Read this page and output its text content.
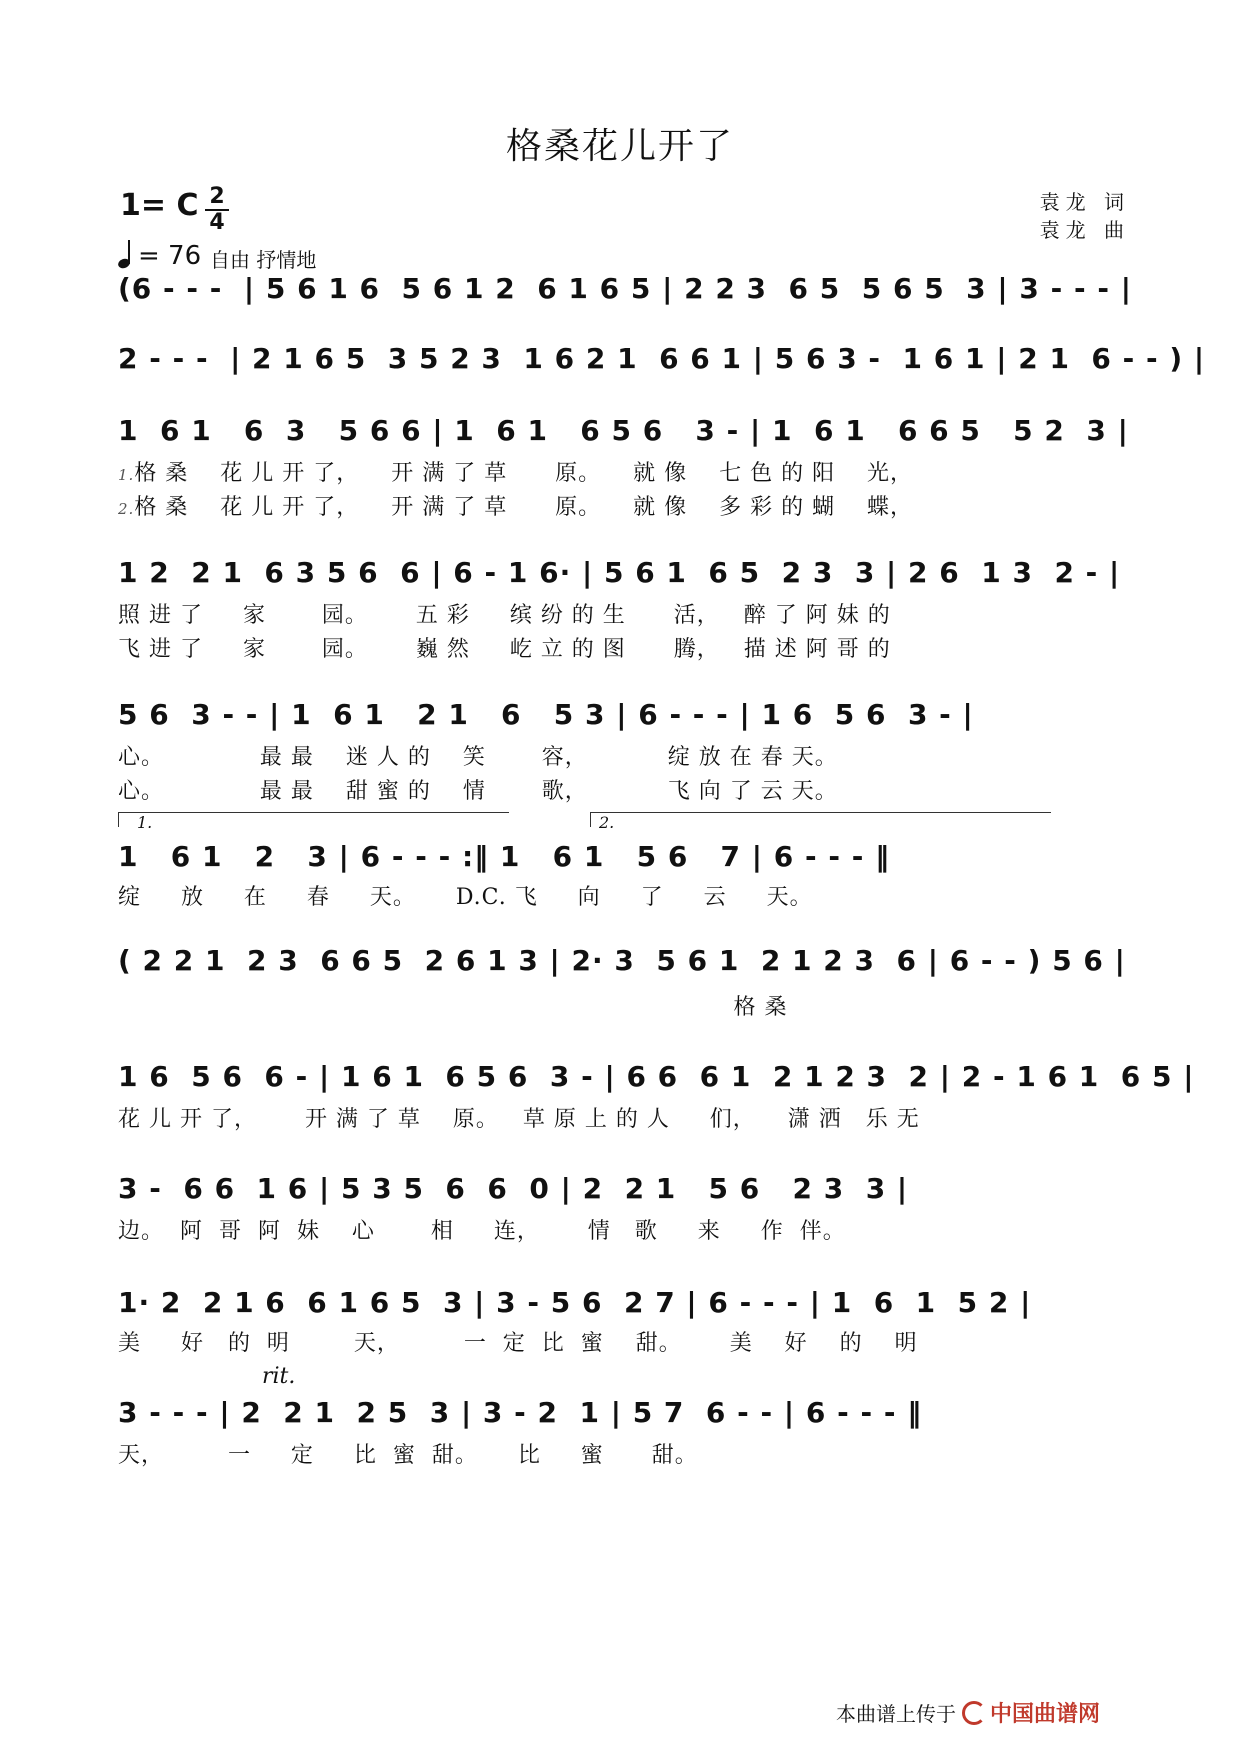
格桑花儿开了
1= C 2
4
= 76 自由 抒情地
袁龙 词
袁龙 曲
(6 - - -  | 5 6 1 6  5 6 1 2  6 1 6 5 | 2 2 3  6 5  5 6 5  3 | 3 - - - |
2 - - -  | 2 1 6 5  3 5 2 3  1 6 2 1  6 6 1 | 5 6 3 -  1 6 1 | 2 1  6 - - ) |
1  6 1   6  3   5 6 6 | 1  6 1   6 5 6   3 - | 1  6 1   6 6 5   5 2  3 |
1.格 桑    花 儿 开 了，    开 满 了 草      原。    就 像    七 色 的 阳    光，
2.格 桑    花 儿 开 了，    开 满 了 草      原。    就 像    多 彩 的 蝴    蝶，
1 2  2 1  6 3 5 6  6 | 6 - 1 6· | 5 6 1  6 5  2 3  3 | 2 6  1 3  2 - |
照 进 了     家       园。      五 彩     缤 纷 的 生      活，   醉 了 阿 妹 的
飞 进 了     家       园。      巍 然     屹 立 的 图      腾，   描 述 阿 哥 的
5 6  3 - - | 1  6 1   2 1   6   5 3 | 6 - - - | 1 6  5 6  3 - |
心。            最 最    迷 人 的    笑       容，          绽 放 在 春 天。
心。            最 最    甜 蜜 的    情       歌，          飞 向 了 云 天。
1.	2.
1   6 1   2   3 | 6 - - - :‖ 1   6 1   5 6   7 | 6 - - - ‖
绽     放     在     春     天。     D.C. 飞     向     了     云     天。
( 2 2 1  2 3  6 6 5  2 6 1 3 | 2· 3  5 6 1  2 1 2 3  6 | 6 - - ) 5 6 |
格 桑
1 6  5 6  6 - | 1 6 1  6 5 6  3 - | 6 6  6 1  2 1 2 3  2 | 2 - 1 6 1  6 5 |
花 儿 开 了，      开 满 了 草    原。   草 原 上 的 人     们，    潇 洒   乐 无
3 -  6 6  1 6 | 5 3 5  6  6  0 | 2  2 1   5 6   2 3  3 |
边。  阿  哥  阿  妹    心       相     连，      情   歌     来     作  伴。
1· 2  2 1 6  6 1 6 5  3 | 3 - 5 6  2 7 | 6 - - - | 1  6  1  5 2 |
美     好   的  明        天，        一  定  比  蜜    甜。      美    好    的    明
rit.
3 - - - | 2  2 1  2 5  3 | 3 - 2  1 | 5 7  6 - - | 6 - - - ‖
天，        一     定     比  蜜  甜。     比     蜜      甜。
本曲谱上传于 中国曲谱网
